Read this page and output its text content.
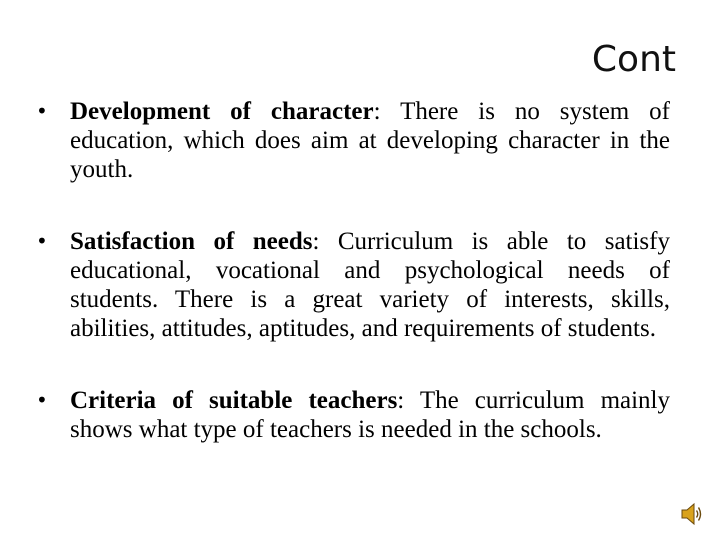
Cont
• Development of character: There is no system of education, which does aim at developing character in the youth.
• Satisfaction of needs: Curriculum is able to satisfy educational, vocational and psychological needs of students. There is a great variety of interests, skills, abilities, attitudes, aptitudes, and requirements of students.
• Criteria of suitable teachers: The curriculum mainly shows what type of teachers is needed in the schools.
